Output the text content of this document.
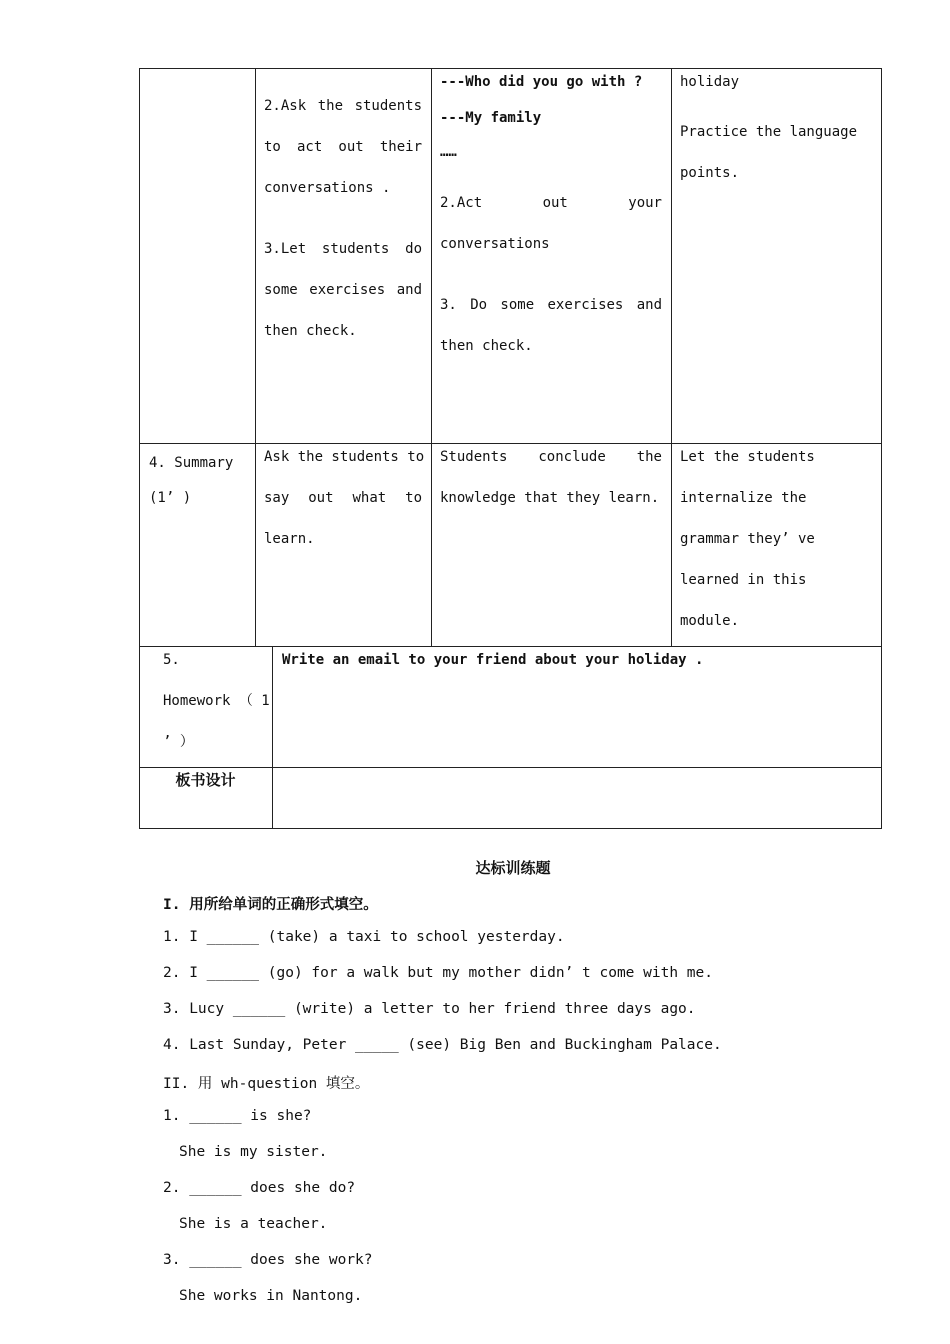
2.Ask the students
to act out their
conversations .
3.Let students do
some exercises and
then check.
---Who did you go with ?
---My family
……
2.Act out your
conversations
3. Do some exercises and
then check.
holiday
Practice the language
points.
4. Summary
(1’ )
Ask the students to
say out what to
learn.
Students conclude the
knowledge that they learn.
Let the students
internalize the
grammar they’ ve
learned in this
module.
5.
Homework （ 1
’ ）
Write an email to your friend about your holiday .
板书设计
达标训练题
I. 用所给单词的正确形式填空。
1. I ______ (take) a taxi to school yesterday.
2. I ______ (go) for a walk but my mother didn’ t come with me.
3. Lucy ______ (write) a letter to her friend three days ago.
4. Last Sunday, Peter _____ (see) Big Ben and Buckingham Palace.
II. 用 wh-question 填空。
1. ______ is she?
She is my sister.
2. ______ does she do?
She is a teacher.
3. ______ does she work?
She works in Nantong.
